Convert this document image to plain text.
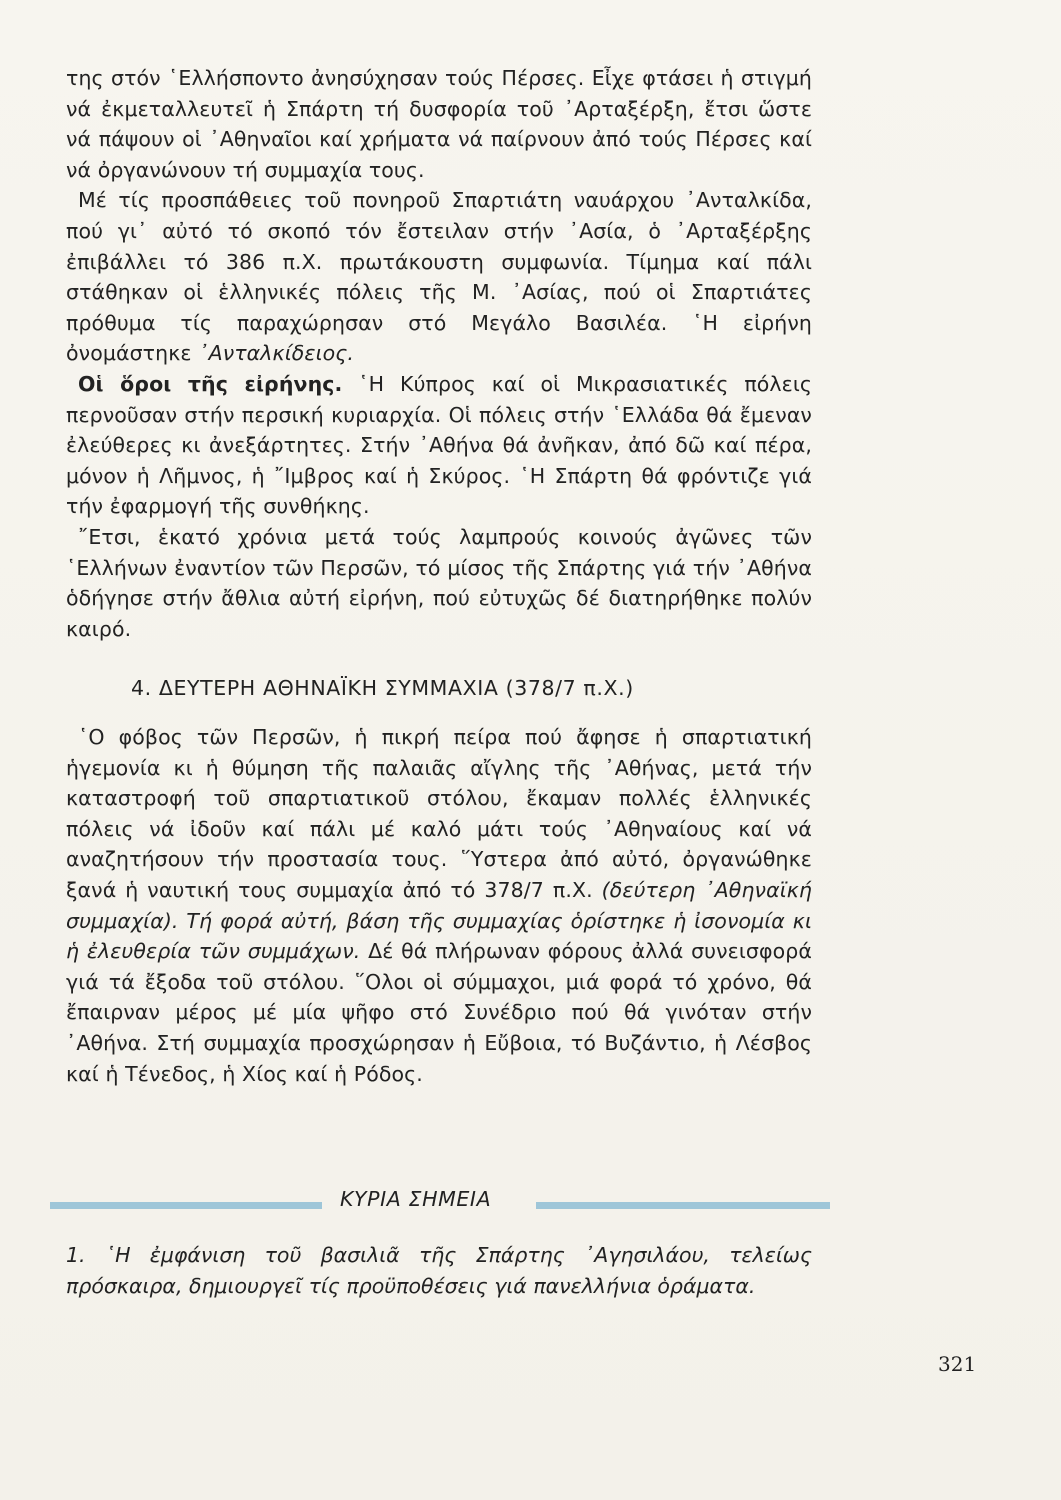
της στόν ῾Ελλήσποντο ἀνησύχησαν τούς Πέρσες. Εἶχε φτάσει ἡ στιγμή νά ἐκμεταλλευτεῖ ἡ Σπάρτη τή δυσφορία τοῦ ᾿Αρταξέρξη, ἔτσι ὥστε νά πάψουν οἱ ᾿Αθηναῖοι καί χρήματα νά παίρνουν ἀπό τούς Πέρσες καί νά ὀργανώνουν τή συμμαχία τους.

Μέ τίς προσπάθειες τοῦ πονηροῦ Σπαρτιάτη ναυάρχου ᾿Ανταλκίδα, πού γι᾿ αὐτό τό σκοπό τόν ἔστειλαν στήν ᾿Ασία, ὁ ᾿Αρταξέρξης ἐπιβάλλει τό 386 π.Χ. πρωτάκουστη συμφωνία. Τίμημα καί πάλι στάθηκαν οἱ ἑλληνικές πόλεις τῆς Μ. ᾿Ασίας, πού οἱ Σπαρτιάτες πρόθυμα τίς παραχώρησαν στό Μεγάλο Βασιλέα. ῾Η εἰρήνη ὀνομάστηκε ᾿Ανταλκίδειος.

Οἱ ὅροι τῆς εἰρήνης. ῾Η Κύπρος καί οἱ Μικρασιατικές πόλεις περνοῦσαν στήν περσική κυριαρχία. Οἱ πόλεις στήν ῾Ελλάδα θά ἔμεναν ἐλεύθερες κι ἀνεξάρτητες. Στήν ᾿Αθήνα θά ἀνῆκαν, ἀπό δῶ καί πέρα, μόνον ἡ Λῆμνος, ἡ ῎Ιμβρος καί ἡ Σκύρος. ῾Η Σπάρτη θά φρόντιζε γιά τήν ἐφαρμογή τῆς συνθήκης.

῎Ετσι, ἑκατό χρόνια μετά τούς λαμπρούς κοινούς ἀγῶνες τῶν ῾Ελλήνων ἐναντίον τῶν Περσῶν, τό μίσος τῆς Σπάρτης γιά τήν ᾿Αθήνα ὁδήγησε στήν ἄθλια αὐτή εἰρήνη, πού εὐτυχῶς δέ διατηρήθηκε πολύν καιρό.

4. ΔΕΥΤΕΡΗ ΑΘΗΝΑΪΚΗ ΣΥΜΜΑΧΙΑ (378/7 π.Χ.)

῾Ο φόβος τῶν Περσῶν, ἡ πικρή πείρα πού ἄφησε ἡ σπαρτιατική ἡγεμονία κι ἡ θύμηση τῆς παλαιᾶς αἴγλης τῆς ᾿Αθήνας, μετά τήν καταστροφή τοῦ σπαρτιατικοῦ στόλου, ἔκαμαν πολλές ἑλληνικές πόλεις νά ἰδοῦν καί πάλι μέ καλό μάτι τούς ᾿Αθηναίους καί νά αναζητήσουν τήν προστασία τους. ῞Υστερα ἀπό αὐτό, ὀργανώθηκε ξανά ἡ ναυτική τους συμμαχία ἀπό τό 378/7 π.Χ. (δεύτερη ᾿Αθηναϊκή συμμαχία). Τή φορά αὐτή, βάση τῆς συμμαχίας ὁρίστηκε ἡ ἰσονομία κι ἡ ἐλευθερία τῶν συμμάχων. Δέ θά πλήρωναν φόρους ἀλλά συνεισφορά γιά τά ἔξοδα τοῦ στόλου. ῞Ολοι οἱ σύμμαχοι, μιά φορά τό χρόνο, θά ἔπαιρναν μέρος μέ μία ψῆφο στό Συνέδριο πού θά γινόταν στήν ᾿Αθήνα. Στή συμμαχία προσχώρησαν ἡ Εὔβοια, τό Βυζάντιο, ἡ Λέσβος καί ἡ Τένεδος, ἡ Χίος καί ἡ Ρόδος.

ΚΥΡΙΑ ΣΗΜΕΙΑ
1. ῾Η ἐμφάνιση τοῦ βασιλιᾶ τῆς Σπάρτης ᾿Αγησιλάου, τελείως πρόσκαιρα, δημιουργεῖ τίς προϋποθέσεις γιά πανελλήνια ὁράματα.
321
